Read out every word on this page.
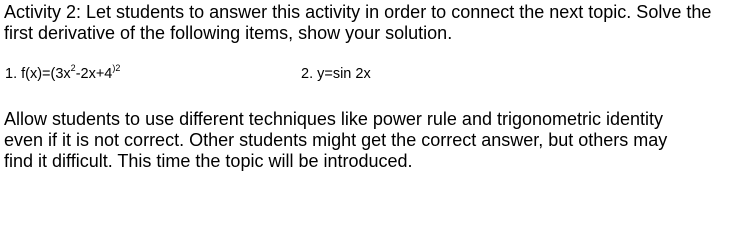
Activity 2: Let students to answer this activity in order to connect the next topic. Solve the
first derivative of the following items, show your solution.
1. $f(x)=(3x^2-2x+4^{)2}$	2. y=sin 2x
Allow students to use different techniques like power rule and trigonometric identity
even if it is not correct. Other students might get the correct answer, but others may
find it difficult. This time the topic will be introduced.
